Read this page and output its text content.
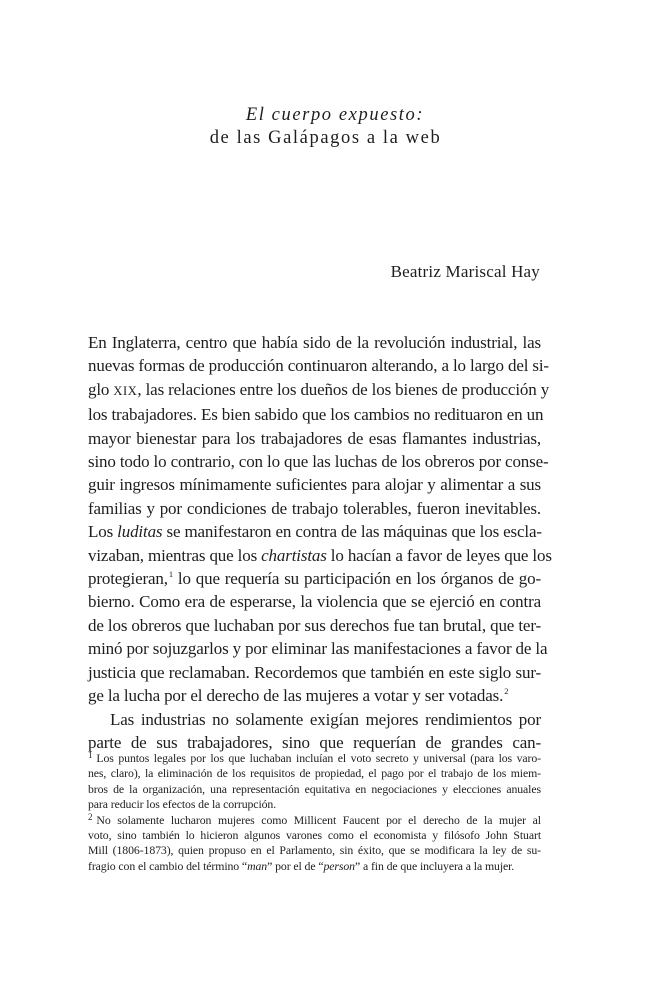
El cuerpo expuesto:
de las Galápagos a la web
Beatriz Mariscal Hay
En Inglaterra, centro que había sido de la revolución industrial, las
nuevas formas de producción continuaron alterando, a lo largo del si-
glo XIX, las relaciones entre los dueños de los bienes de producción y
los trabajadores. Es bien sabido que los cambios no redituaron en un
mayor bienestar para los trabajadores de esas flamantes industrias,
sino todo lo contrario, con lo que las luchas de los obreros por conse-
guir ingresos mínimamente suficientes para alojar y alimentar a sus
familias y por condiciones de trabajo tolerables, fueron inevitables.
Los luditas se manifestaron en contra de las máquinas que los escla-
vizaban, mientras que los chartistas lo hacían a favor de leyes que los
protegieran,$^1$ lo que requería su participación en los órganos de go-
bierno. Como era de esperarse, la violencia que se ejerció en contra
de los obreros que luchaban por sus derechos fue tan brutal, que ter-
minó por sojuzgarlos y por eliminar las manifestaciones a favor de la
justicia que reclamaban. Recordemos que también en este siglo sur-
ge la lucha por el derecho de las mujeres a votar y ser votadas.$^2$
Las industrias no solamente exigían mejores rendimientos por
parte de sus trabajadores, sino que requerían de grandes can-
$^1$ Los puntos legales por los que luchaban incluían el voto secreto y universal (para los varo-
nes, claro), la eliminación de los requisitos de propiedad, el pago por el trabajo de los miem-
bros de la organización, una representación equitativa en negociaciones y elecciones anuales
para reducir los efectos de la corrupción.
$^2$ No solamente lucharon mujeres como Millicent Faucent por el derecho de la mujer al
voto, sino también lo hicieron algunos varones como el economista y filósofo John Stuart
Mill (1806-1873), quien propuso en el Parlamento, sin éxito, que se modificara la ley de su-
fragio con el cambio del término “man” por el de “person” a fin de que incluyera a la mujer.
